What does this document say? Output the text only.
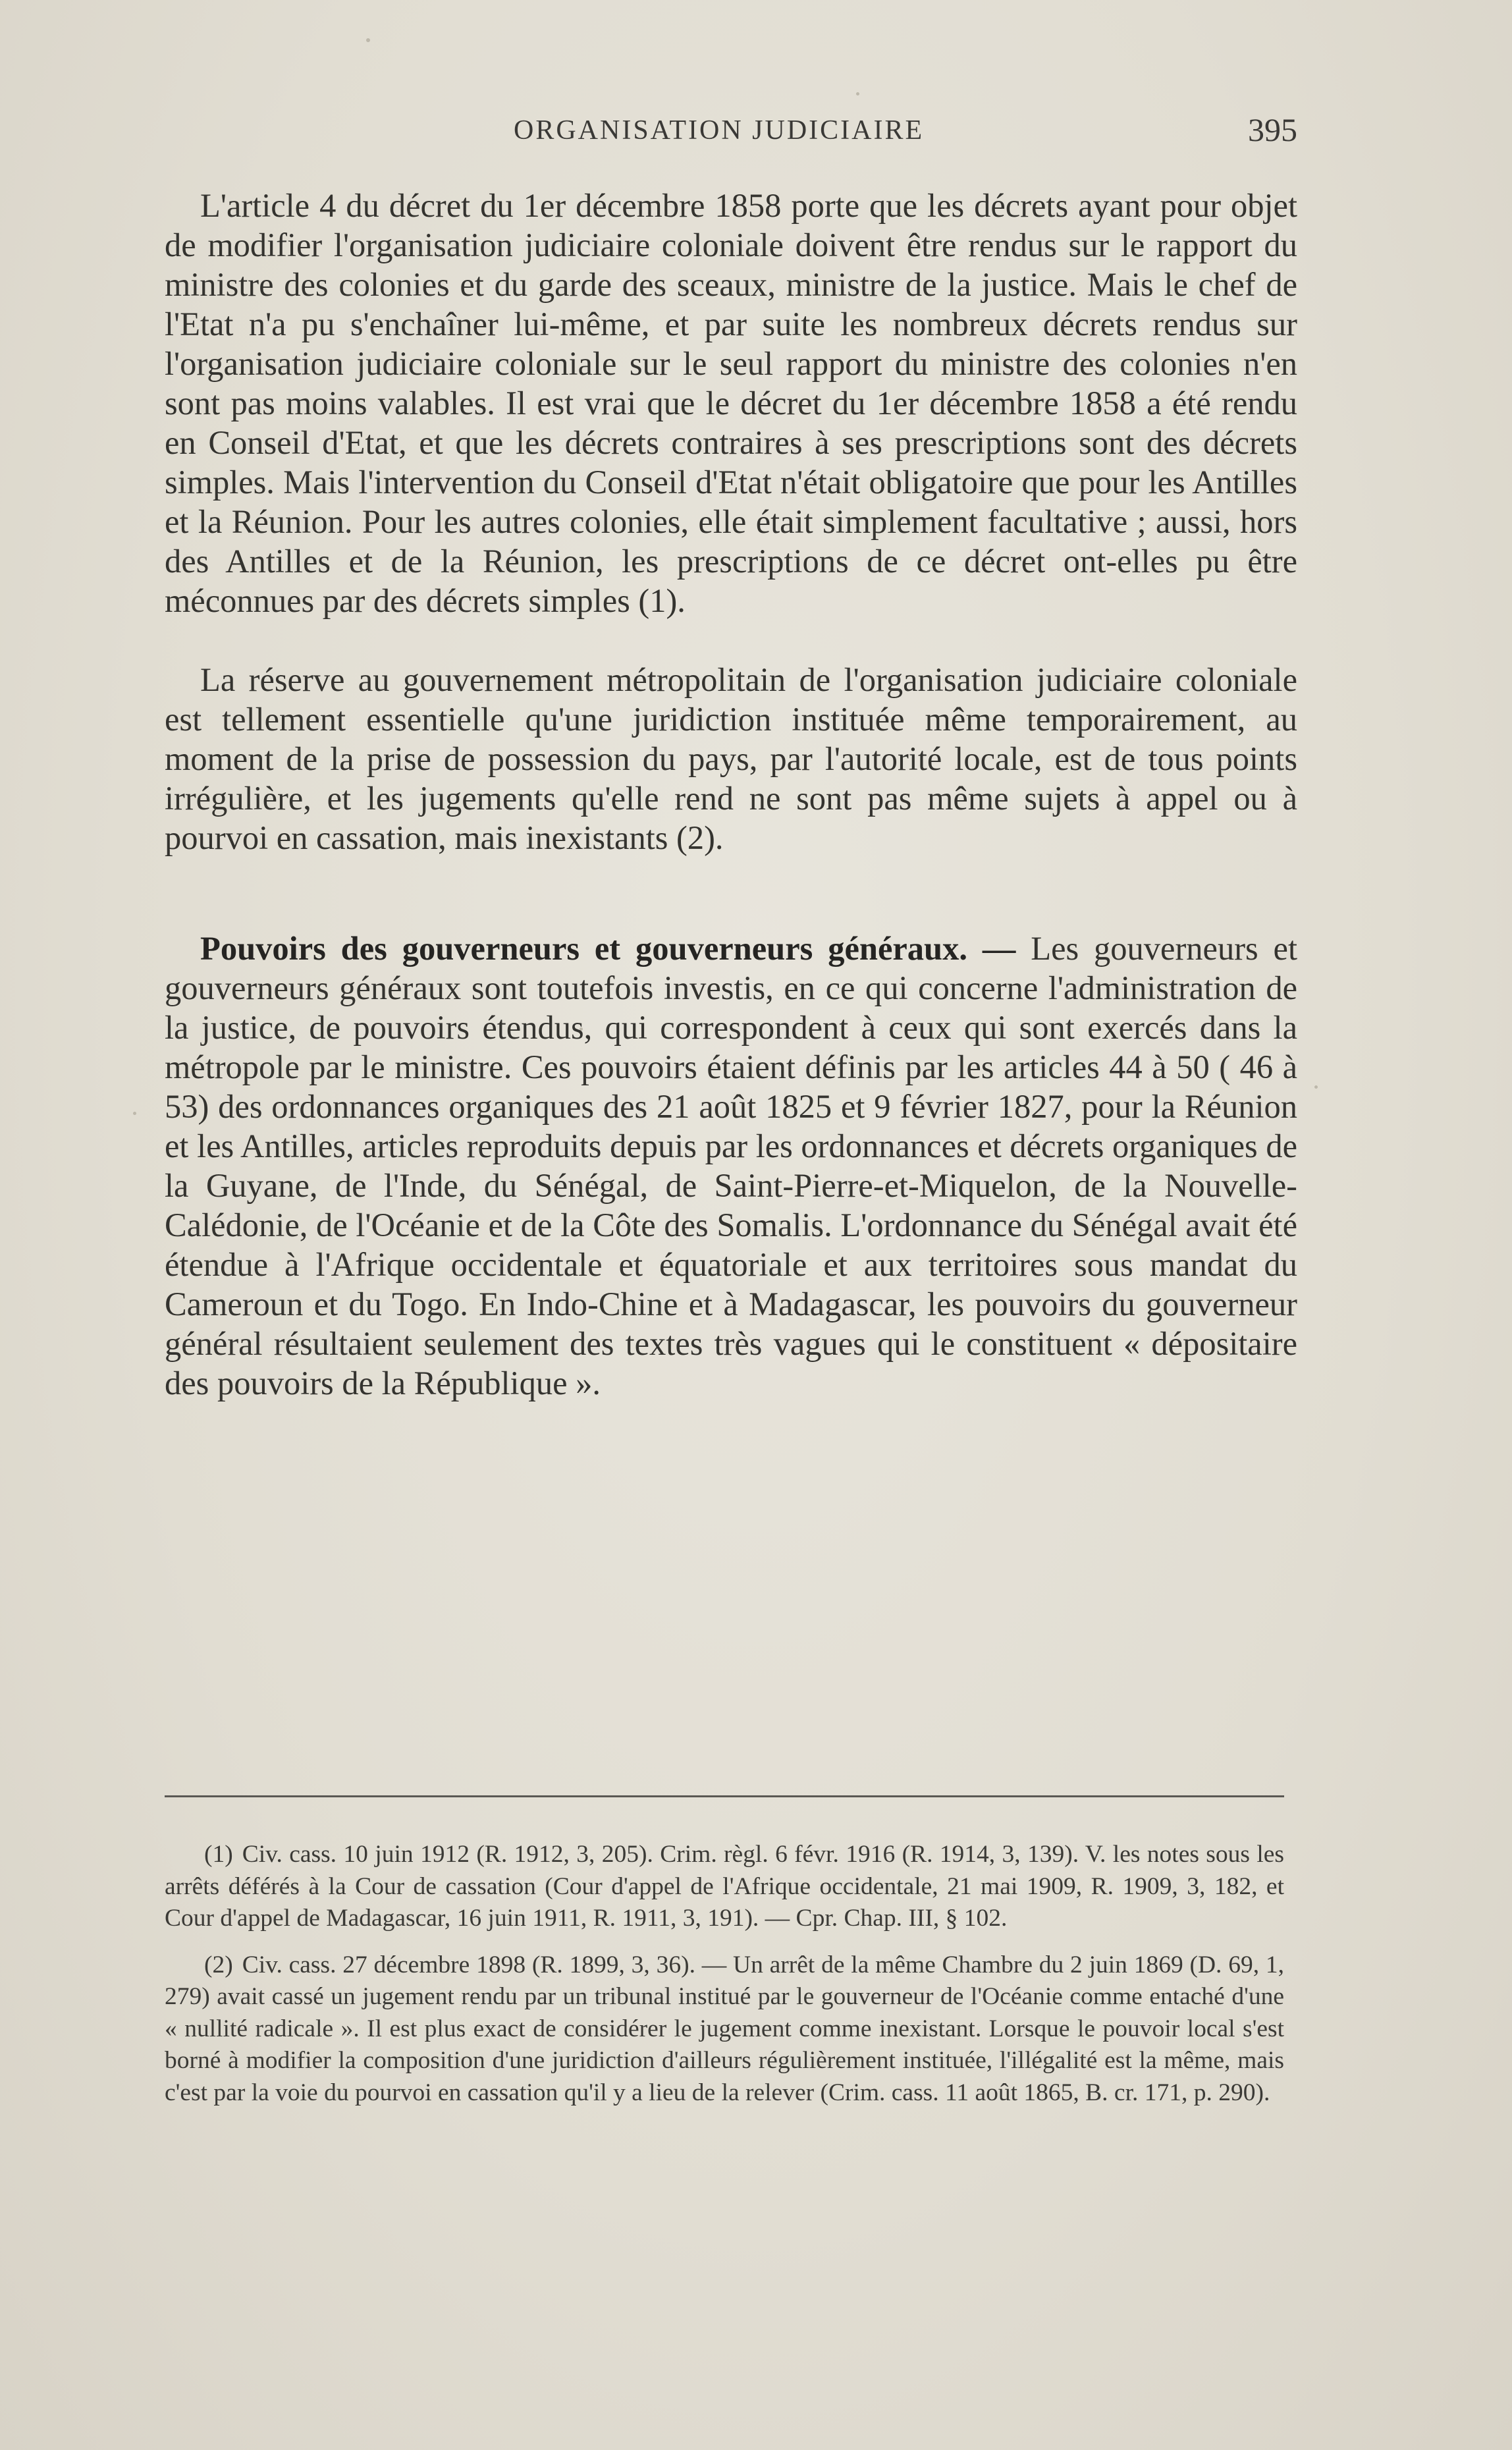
ORGANISATION JUDICIAIRE	395

L'article 4 du décret du 1er décembre 1858 porte que les décrets ayant pour objet de modifier l'organisation judiciaire coloniale doivent être rendus sur le rapport du ministre des colonies et du garde des sceaux, ministre de la justice. Mais le chef de l'Etat n'a pu s'enchaîner lui-même, et par suite les nombreux décrets rendus sur l'organisation judiciaire coloniale sur le seul rapport du ministre des colonies n'en sont pas moins valables. Il est vrai que le décret du 1er décembre 1858 a été rendu en Conseil d'Etat, et que les décrets contraires à ses prescriptions sont des décrets simples. Mais l'intervention du Conseil d'Etat n'était obligatoire que pour les Antilles et la Réunion. Pour les autres colonies, elle était simplement facultative ; aussi, hors des Antilles et de la Réunion, les prescriptions de ce décret ont-elles pu être méconnues par des décrets simples (1).

La réserve au gouvernement métropolitain de l'organisation judiciaire coloniale est tellement essentielle qu'une juridiction instituée même temporairement, au moment de la prise de possession du pays, par l'autorité locale, est de tous points irrégulière, et les jugements qu'elle rend ne sont pas même sujets à appel ou à pourvoi en cassation, mais inexistants (2).

Pouvoirs des gouverneurs et gouverneurs généraux. — Les gouverneurs et gouverneurs généraux sont toutefois investis, en ce qui concerne l'administration de la justice, de pouvoirs étendus, qui correspondent à ceux qui sont exercés dans la métropole par le ministre. Ces pouvoirs étaient définis par les articles 44 à 50 ( 46 à 53) des ordonnances organiques des 21 août 1825 et 9 février 1827, pour la Réunion et les Antilles, articles reproduits depuis par les ordonnances et décrets organiques de la Guyane, de l'Inde, du Sénégal, de Saint-Pierre-et-Miquelon, de la Nouvelle-Calédonie, de l'Océanie et de la Côte des Somalis. L'ordonnance du Sénégal avait été étendue à l'Afrique occidentale et équatoriale et aux territoires sous mandat du Cameroun et du Togo. En Indo-Chine et à Madagascar, les pouvoirs du gouverneur général résultaient seulement des textes très vagues qui le constituent « dépositaire des pouvoirs de la République ».

(1) Civ. cass. 10 juin 1912 (R. 1912, 3, 205). Crim. règl. 6 févr. 1916 (R. 1914, 3, 139). V. les notes sous les arrêts déférés à la Cour de cassation (Cour d'appel de l'Afrique occidentale, 21 mai 1909, R. 1909, 3, 182, et Cour d'appel de Madagascar, 16 juin 1911, R. 1911, 3, 191). — Cpr. Chap. III, § 102.

(2) Civ. cass. 27 décembre 1898 (R. 1899, 3, 36). — Un arrêt de la même Chambre du 2 juin 1869 (D. 69, 1, 279) avait cassé un jugement rendu par un tribunal institué par le gouverneur de l'Océanie comme entaché d'une « nullité radicale ». Il est plus exact de considérer le jugement comme inexistant. Lorsque le pouvoir local s'est borné à modifier la composition d'une juridiction d'ailleurs régulièrement instituée, l'illégalité est la même, mais c'est par la voie du pourvoi en cassation qu'il y a lieu de la relever (Crim. cass. 11 août 1865, B. cr. 171, p. 290).
